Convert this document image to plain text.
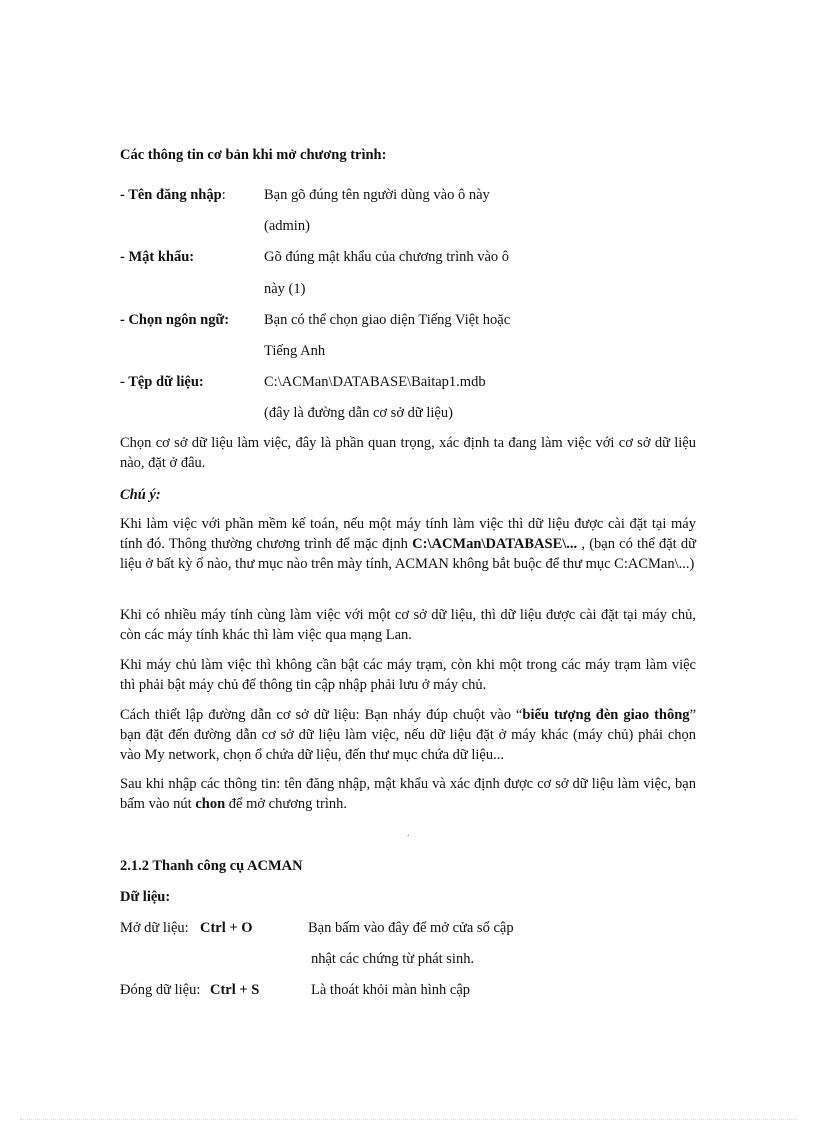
Các thông tin cơ bản khi mở chương trình:
- Tên đăng nhập:	Bạn gõ đúng tên người dùng vào ô này
(admin)
- Mật khẩu:	Gõ đúng mật khẩu của chương trình vào ô
này (1)
- Chọn ngôn ngữ: Bạn có thể chọn giao diện Tiếng Việt hoặc
Tiếng Anh
- Tệp dữ liệu:	C:\ACMan\DATABASE\Baitap1.mdb
(đây là đường dẫn cơ sở dữ liệu)
Chọn cơ sở dữ liệu làm việc, đây là phần quan trọng, xác định ta đang làm việc với cơ sở dữ liệu nào, đặt ở đâu.
Chú ý:
Khi làm việc với phần mềm kế toán, nếu một máy tính làm việc thì dữ liệu được cài đặt tại máy tính đó. Thông thường chương trình để mặc định C:\ACMan\DATABASE\... , (bạn có thể đặt dữ liệu ở bất kỳ ổ nào, thư mục nào trên mày tính, ACMAN không bắt buộc để thư mục C:ACMan\...)
Khi có nhiều máy tính cùng làm việc với một cơ sở dữ liệu, thì dữ liệu được cài đặt tại máy chủ, còn các máy tính khác thì làm việc qua mạng Lan.
Khi máy chủ làm việc thì không cần bật các máy trạm, còn khi một trong các máy trạm làm việc thì phải bật máy chủ để thông tin cập nhập phải lưu ở máy chủ.
Cách thiết lập đường dẫn cơ sở dữ liệu: Bạn nháy đúp chuột vào “biểu tượng đèn giao thông” bạn đặt đến đường dẫn cơ sở dữ liệu làm việc, nếu dữ liệu đặt ở máy khác (máy chủ) phải chọn vào My network, chọn ổ chứa dữ liệu, đến thư mục chứa dữ liệu...
Sau khi nhập các thông tin: tên đăng nhập, mật khẩu và xác định được cơ sở dữ liệu làm việc, bạn bấm vào nút chon để mở chương trình.
.
2.1.2 Thanh công cụ ACMAN
Dữ liệu:
Mở dữ liệu: Ctrl + O	Bạn bấm vào đây để mở cửa sổ cập
nhật các chứng từ phát sinh.
Đóng dữ liệu: Ctrl + S	Là thoát khỏi màn hình cập
